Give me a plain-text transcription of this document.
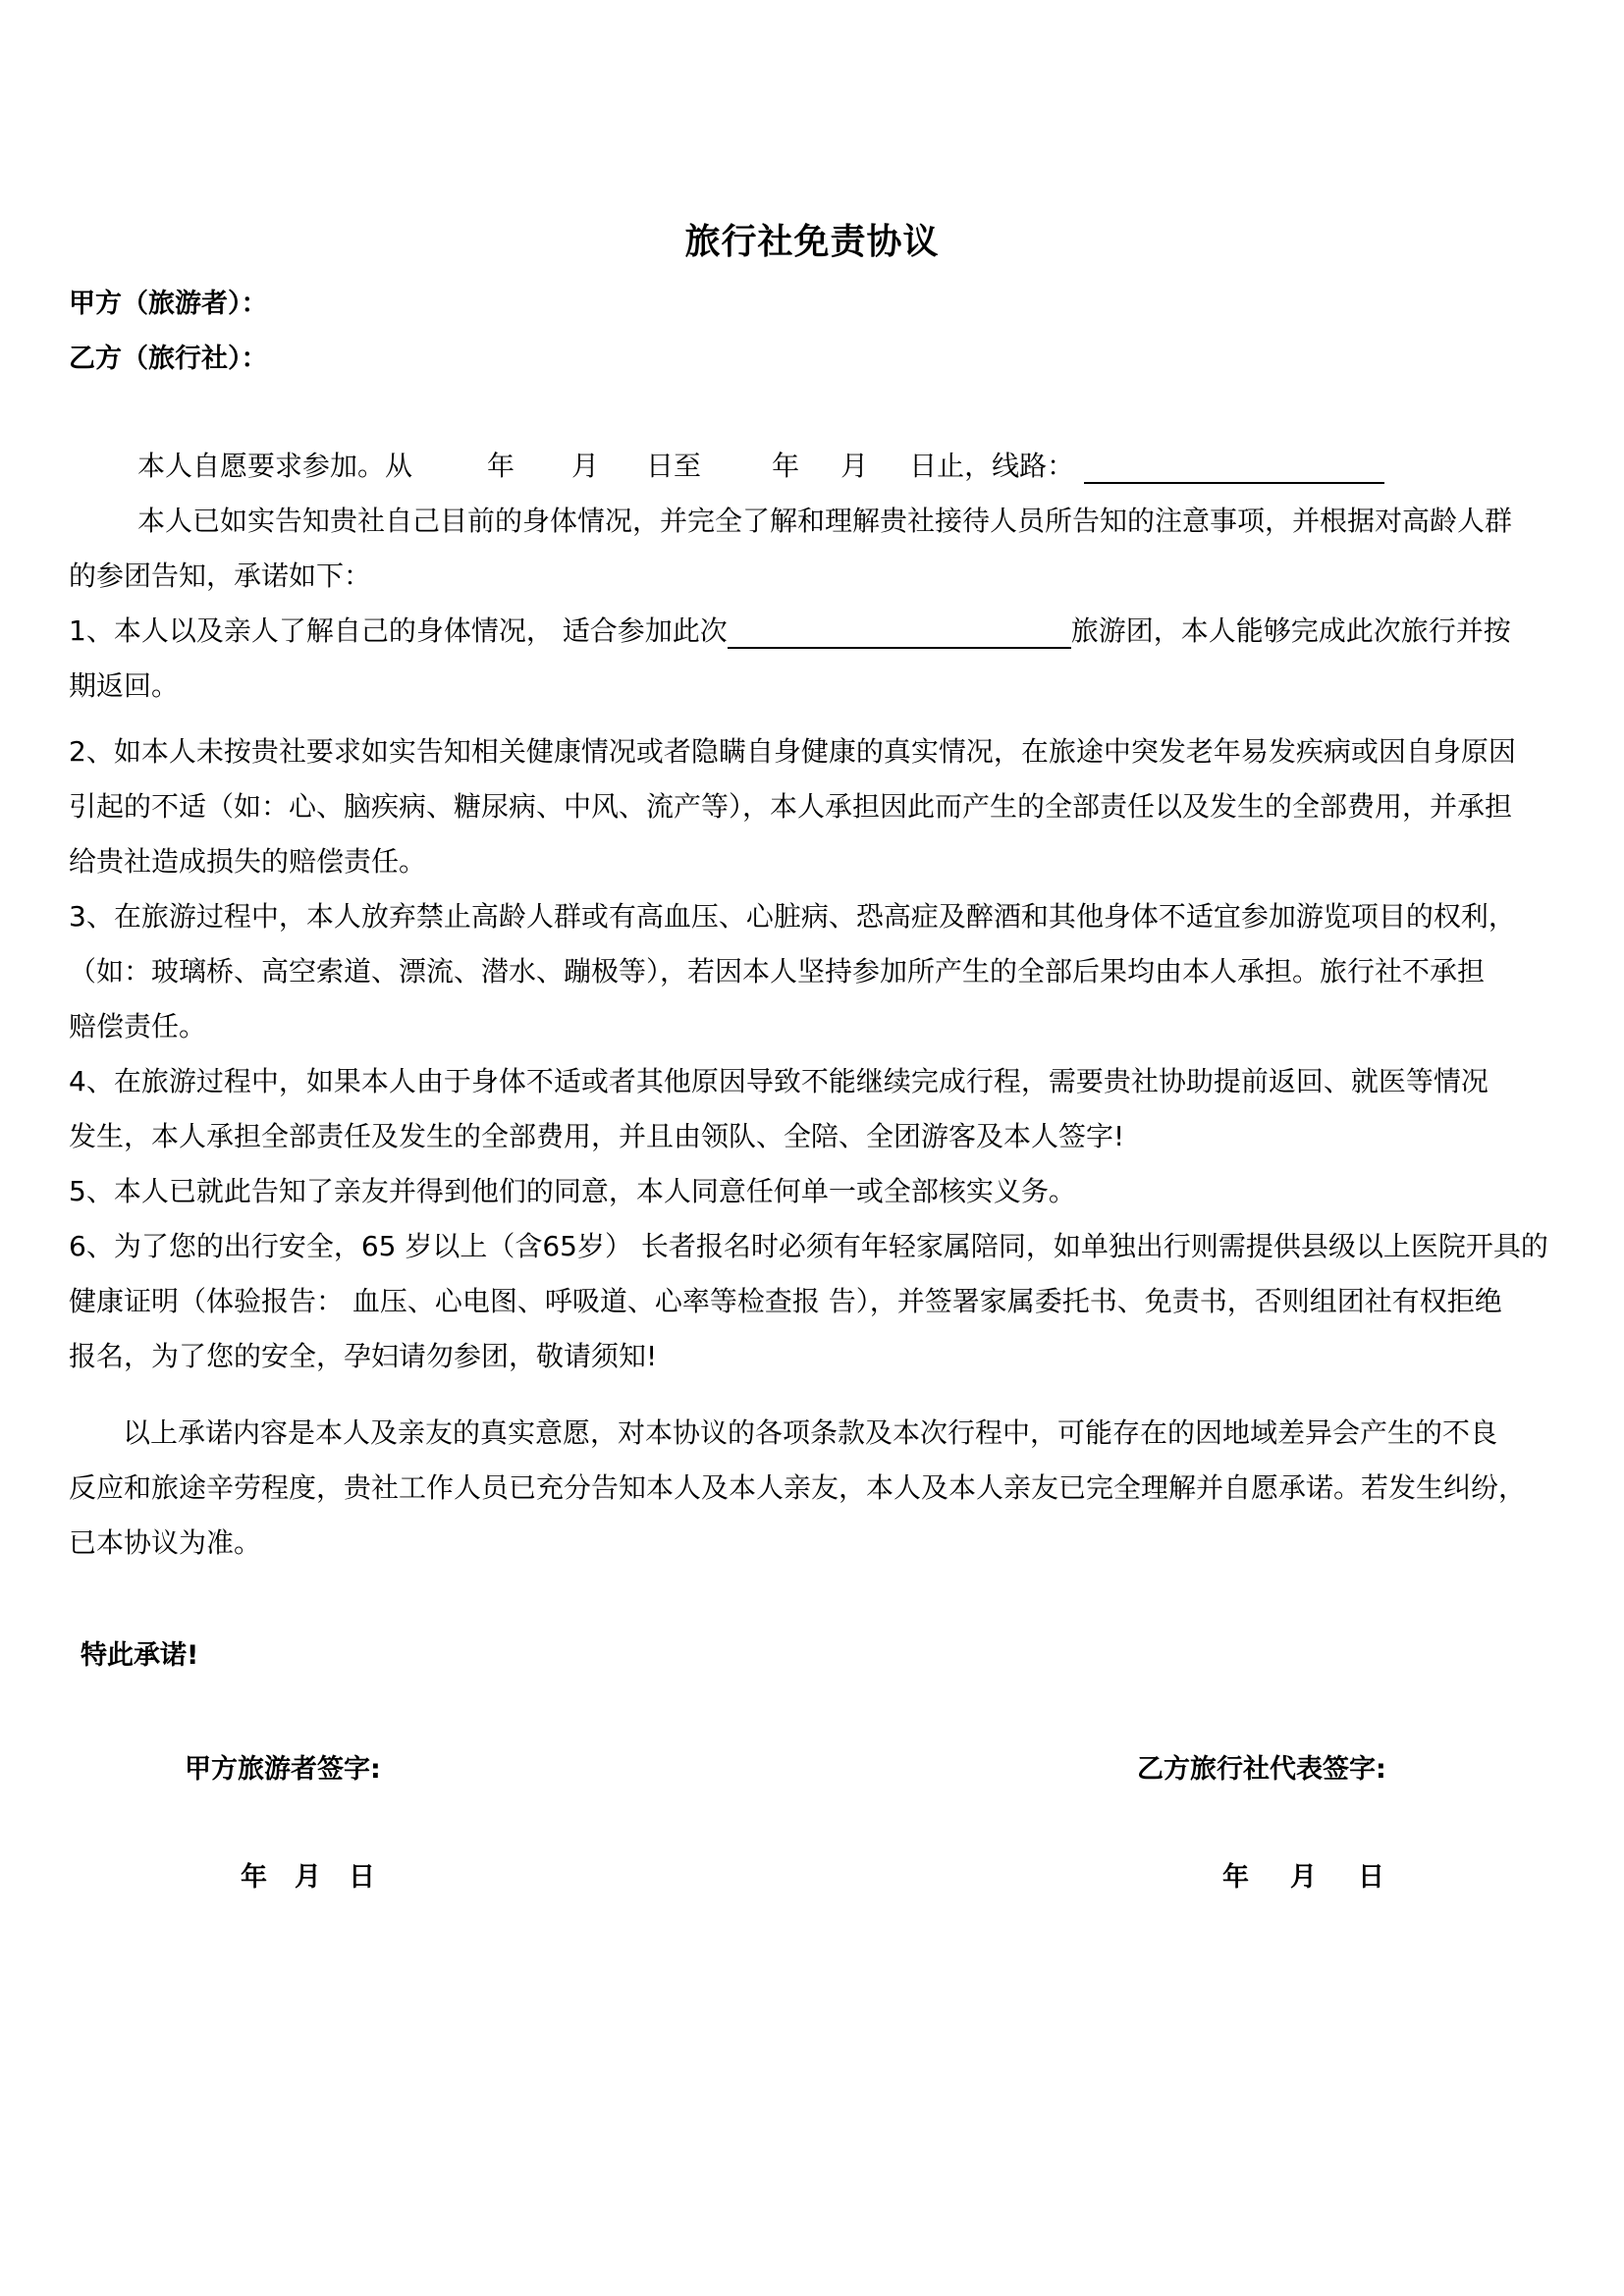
旅行社免责协议
甲方（旅游者）：
乙方（旅行社）：
本人自愿要求参加。从	年 月 日至	年 月 日止，线路：
本人已如实告知贵社自己目前的身体情况，并完全了解和理解贵社接待人员所告知的注意事项，并根据对高龄人群
的参团告知，承诺如下：
1、本人以及亲人了解自己的身体情况， 适合参加此次	旅游团，本人能够完成此次旅行并按
期返回。
2、如本人未按贵社要求如实告知相关健康情况或者隐瞒自身健康的真实情况，在旅途中突发老年易发疾病或因自身原因
引起的不适（如：心、脑疾病、糖尿病、中风、流产等），本人承担因此而产生的全部责任以及发生的全部费用，并承担
给贵社造成损失的赔偿责任。
3、在旅游过程中，本人放弃禁止高龄人群或有高血压、心脏病、恐高症及醉酒和其他身体不适宜参加游览项目的权利，
（如：玻璃桥、高空索道、漂流、潜水、蹦极等），若因本人坚持参加所产生的全部后果均由本人承担。旅行社不承担
赔偿责任。
4、在旅游过程中，如果本人由于身体不适或者其他原因导致不能继续完成行程，需要贵社协助提前返回、就医等情况
发生，本人承担全部责任及发生的全部费用，并且由领队、全陪、全团游客及本人签字!
5、本人已就此告知了亲友并得到他们的同意，本人同意任何单一或全部核实义务。
6、为了您的出行安全，65 岁以上（含65岁） 长者报名时必须有年轻家属陪同，如单独出行则需提供县级以上医院开具的
健康证明（体验报告： 血压、心电图、呼吸道、心率等检查报 告），并签署家属委托书、免责书，否则组团社有权拒绝
报名，为了您的安全，孕妇请勿参团，敬请须知!
以上承诺内容是本人及亲友的真实意愿，对本协议的各项条款及本次行程中，可能存在的因地域差异会产生的不良
反应和旅途辛劳程度，贵社工作人员已充分告知本人及本人亲友，本人及本人亲友已完全理解并自愿承诺。若发生纠纷，
已本协议为准。
特此承诺!
甲方旅游者签字:	乙方旅行社代表签字:
年 月 日	年 月 日
